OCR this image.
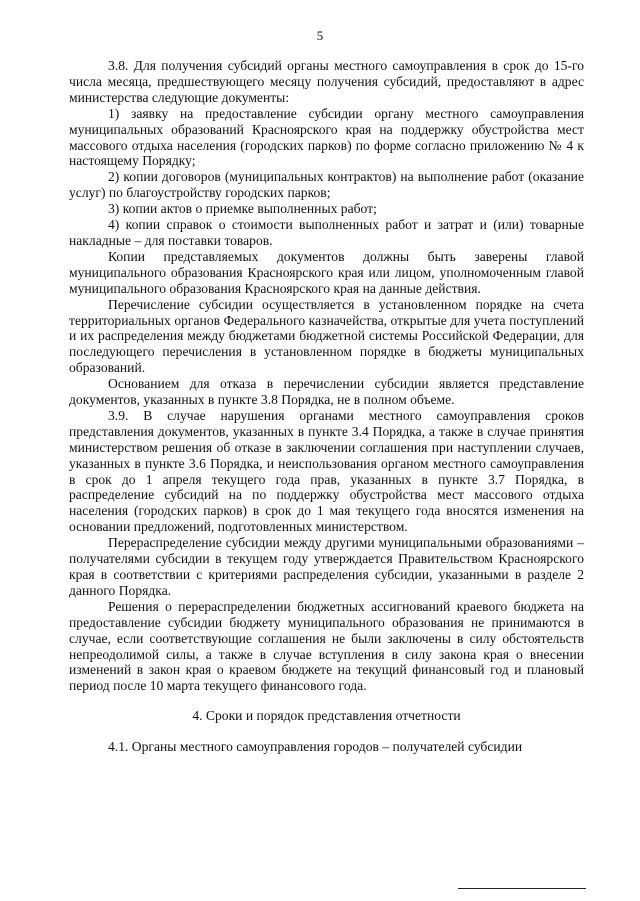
5

3.8. Для получения субсидий органы местного самоуправления в срок до 15-го числа месяца, предшествующего месяцу получения субсидий, предоставляют в адрес министерства следующие документы:

1) заявку на предоставление субсидии органу местного самоуправления муниципальных образований Красноярского края на поддержку обустройства мест массового отдыха населения (городских парков) по форме согласно приложению № 4 к настоящему Порядку;

2) копии договоров (муниципальных контрактов) на выполнение работ (оказание услуг) по благоустройству городских парков;

3) копии актов о приемке выполненных работ;

4) копии справок о стоимости выполненных работ и затрат и (или) товарные накладные – для поставки товаров.

Копии представляемых документов должны быть заверены главой муниципального образования Красноярского края или лицом, уполномоченным главой муниципального образования Красноярского края на данные действия.

Перечисление субсидии осуществляется в установленном порядке на счета территориальных органов Федерального казначейства, открытые для учета поступлений и их распределения между бюджетами бюджетной системы Российской Федерации, для последующего перечисления в установленном порядке в бюджеты муниципальных образований.

Основанием для отказа в перечислении субсидии является представление документов, указанных в пункте 3.8 Порядка, не в полном объеме.

3.9. В случае нарушения органами местного самоуправления сроков представления документов, указанных в пункте 3.4 Порядка, а также в случае принятия министерством решения об отказе в заключении соглашения при наступлении случаев, указанных в пункте 3.6 Порядка, и неиспользования органом местного самоуправления в срок до 1 апреля текущего года прав, указанных в пункте 3.7 Порядка, в распределение субсидий на по поддержку обустройства мест массового отдыха населения (городских парков) в срок до 1 мая текущего года вносятся изменения на основании предложений, подготовленных министерством.

Перераспределение субсидии между другими муниципальными образованиями – получателями субсидии в текущем году утверждается Правительством Красноярского края в соответствии с критериями распределения субсидии, указанными в разделе 2 данного Порядка.

Решения о перераспределении бюджетных ассигнований краевого бюджета на предоставление субсидии бюджету муниципального образования не принимаются в случае, если соответствующие соглашения не были заключены в силу обстоятельств непреодолимой силы, а также в случае вступления в силу закона края о внесении изменений в закон края о краевом бюджете на текущий финансовый год и плановый период после 10 марта текущего финансового года.

4. Сроки и порядок представления отчетности

4.1. Органы местного самоуправления городов – получателей субсидии
